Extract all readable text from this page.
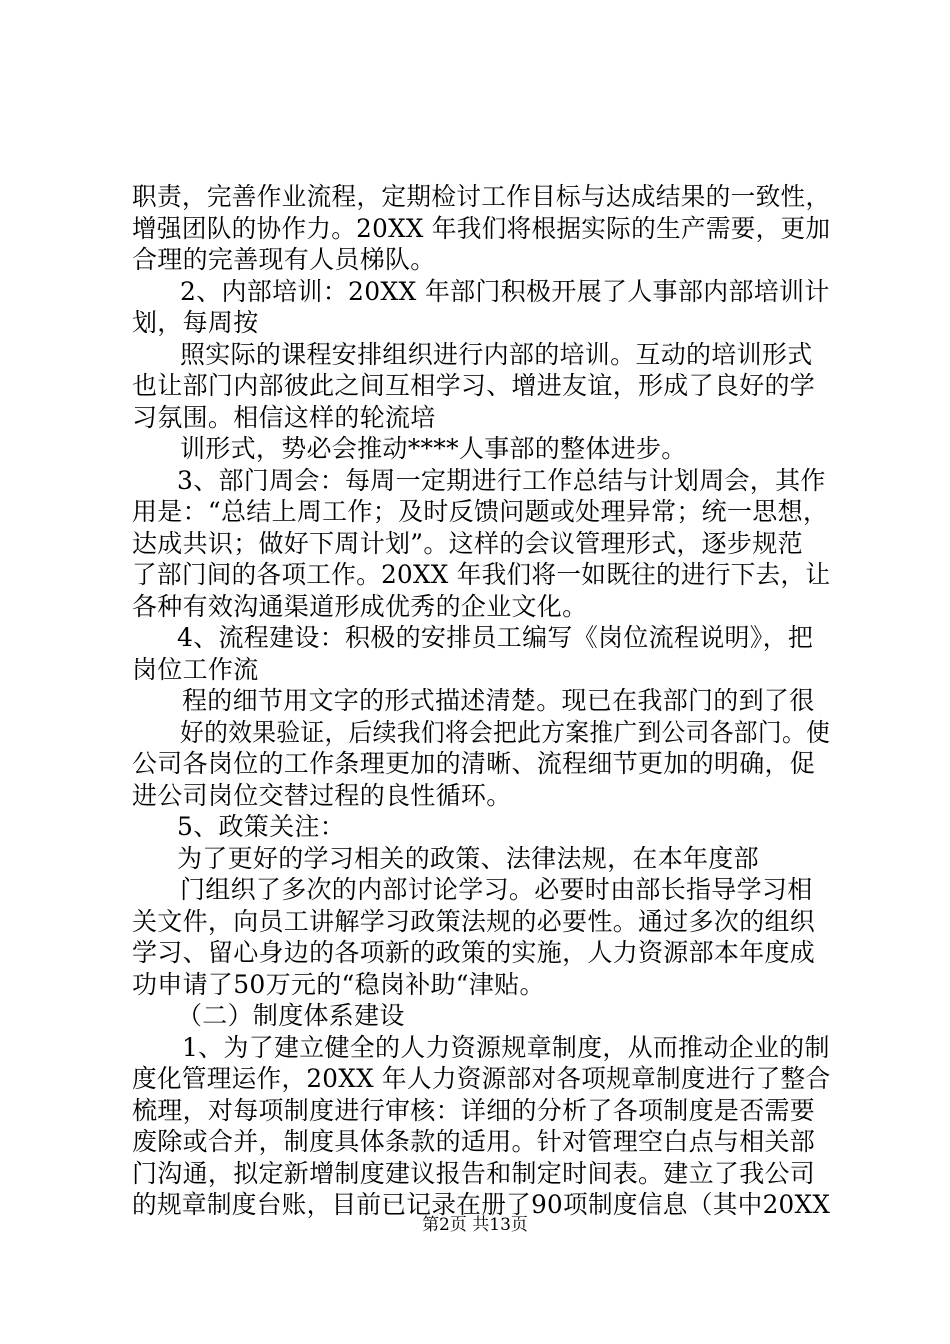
职责，完善作业流程，定期检讨工作目标与达成结果的一致性，
增强团队的协作力。20XX 年我们将根据实际的生产需要，更加
合理的完善现有人员梯队。
2、内部培训：20XX 年部门积极开展了人事部内部培训计
划，每周按
照实际的课程安排组织进行内部的培训。互动的培训形式
也让部门内部彼此之间互相学习、增进友谊，形成了良好的学
习氛围。相信这样的轮流培
训形式，势必会推动****人事部的整体进步。
3、部门周会：每周一定期进行工作总结与计划周会，其作
用是：“总结上周工作；及时反馈问题或处理异常；统一思想，
达成共识；做好下周计划”。这样的会议管理形式，逐步规范
了部门间的各项工作。20XX 年我们将一如既往的进行下去，让
各种有效沟通渠道形成优秀的企业文化。
4、流程建设：积极的安排员工编写《岗位流程说明》，把
岗位工作流
程的细节用文字的形式描述清楚。现已在我部门的到了很
好的效果验证，后续我们将会把此方案推广到公司各部门。使
公司各岗位的工作条理更加的清晰、流程细节更加的明确，促
进公司岗位交替过程的良性循环。
5、政策关注：
为了更好的学习相关的政策、法律法规，在本年度部
门组织了多次的内部讨论学习。必要时由部长指导学习相
关文件，向员工讲解学习政策法规的必要性。通过多次的组织
学习、留心身边的各项新的政策的实施，人力资源部本年度成
功申请了50万元的“稳岗补助“津贴。
（二）制度体系建设
1、为了建立健全的人力资源规章制度，从而推动企业的制
度化管理运作，20XX 年人力资源部对各项规章制度进行了整合
梳理，对每项制度进行审核：详细的分析了各项制度是否需要
废除或合并，制度具体条款的适用。针对管理空白点与相关部
门沟通，拟定新增制度建议报告和制定时间表。建立了我公司
的规章制度台账，目前已记录在册了90项制度信息（其中20XX
第2页 共13页
